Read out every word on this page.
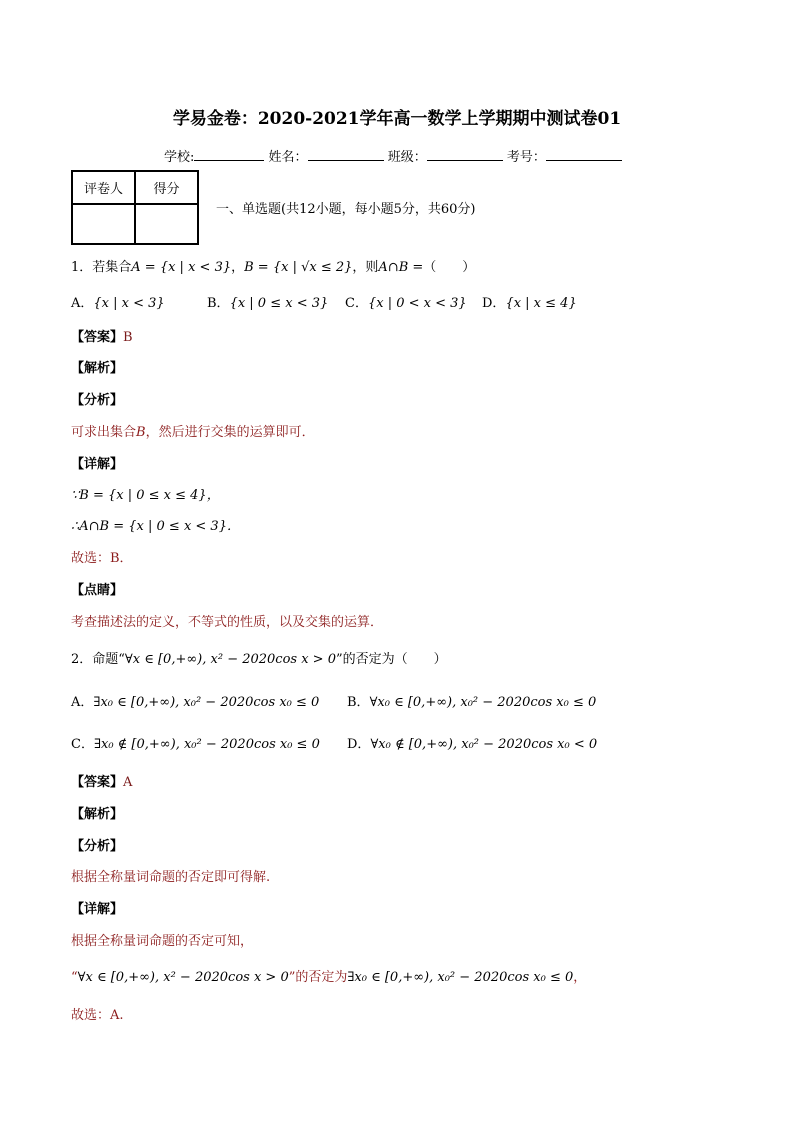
学易金卷：2020-2021学年高一数学上学期期中测试卷01
学校:	姓名：	班级：	考号：
评卷人	得分

一、单选题(共12小题，每小题5分，共60分)
1．若集合A = {x | x < 3}，B = {x | √x ≤ 2}，则A∩B =（　　）
A．{x | x < 3}	B．{x | 0 ≤ x < 3} C．{x | 0 < x < 3} D．{x | x ≤ 4}
【答案】B
【解析】
【分析】
可求出集合B，然后进行交集的运算即可．
【详解】
∵B = {x | 0 ≤ x ≤ 4}，
∴A∩B = {x | 0 ≤ x < 3}．
故选：B．
【点睛】
考查描述法的定义，不等式的性质，以及交集的运算．
2．命题“∀x ∈ [0,+∞), x² − 2020cos x > 0”的否定为（　　）
A．∃x₀ ∈ [0,+∞), x₀² − 2020cos x₀ ≤ 0 B．∀x₀ ∈ [0,+∞), x₀² − 2020cos x₀ ≤ 0
C．∃x₀ ∉ [0,+∞), x₀² − 2020cos x₀ ≤ 0 D．∀x₀ ∉ [0,+∞), x₀² − 2020cos x₀ < 0
【答案】A
【解析】
【分析】
根据全称量词命题的否定即可得解.
【详解】
根据全称量词命题的否定可知，
“∀x ∈ [0,+∞), x² − 2020cos x > 0”的否定为∃x₀ ∈ [0,+∞), x₀² − 2020cos x₀ ≤ 0，
故选：A.
